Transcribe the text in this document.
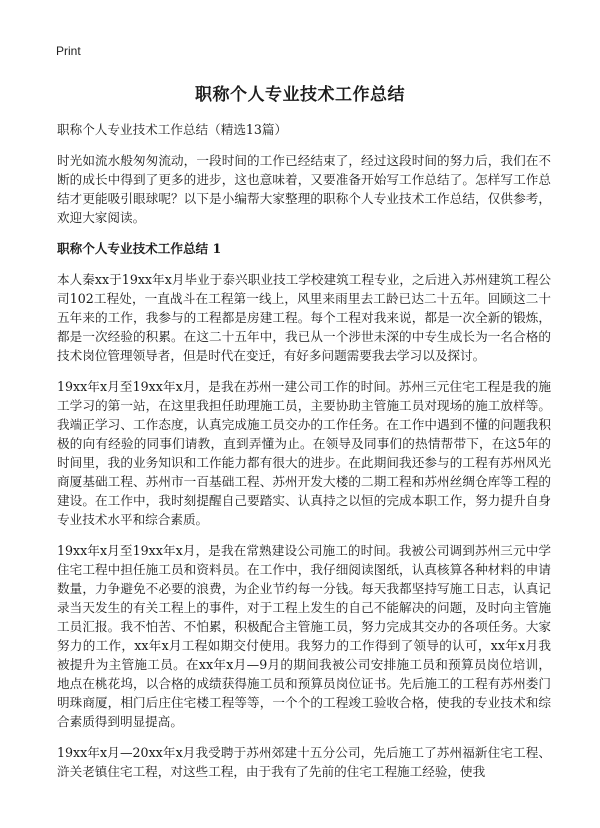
Print
职称个人专业技术工作总结

职称个人专业技术工作总结（精选13篇）

时光如流水般匆匆流动，一段时间的工作已经结束了，经过这段时间的努力后，我们在不断的成长中得到了更多的进步，这也意味着，又要准备开始写工作总结了。怎样写工作总结才更能吸引眼球呢？以下是小编帮大家整理的职称个人专业技术工作总结，仅供参考，欢迎大家阅读。

职称个人专业技术工作总结 1

本人秦xx于19xx年x月毕业于泰兴职业技工学校建筑工程专业，之后进入苏州建筑工程公司102工程处，一直战斗在工程第一线上，风里来雨里去工龄已达二十五年。回顾这二十五年来的工作，我参与的工程都是房建工程。每个工程对我来说，都是一次全新的锻炼，都是一次经验的积累。在这二十五年中，我已从一个涉世未深的中专生成长为一名合格的技术岗位管理领导者，但是时代在变迁，有好多问题需要我去学习以及探讨。

19xx年x月至19xx年x月，是我在苏州一建公司工作的时间。苏州三元住宅工程是我的施工学习的第一站，在这里我担任助理施工员，主要协助主管施工员对现场的施工放样等。我端正学习、工作态度，认真完成施工员交办的工作任务。在工作中遇到不懂的问题我积极的向有经验的同事们请教，直到弄懂为止。在领导及同事们的热情帮带下，在这5年的时间里，我的业务知识和工作能力都有很大的进步。在此期间我还参与的工程有苏州风光商厦基础工程、苏州市一百基础工程、苏州开发大楼的二期工程和苏州丝绸仓库等工程的建设。在工作中，我时刻提醒自己要踏实、认真持之以恒的完成本职工作，努力提升自身专业技术水平和综合素质。

19xx年x月至19xx年x月，是我在常熟建设公司施工的时间。我被公司调到苏州三元中学住宅工程中担任施工员和资料员。在工作中，我仔细阅读图纸，认真核算各种材料的申请数量，力争避免不必要的浪费，为企业节约每一分钱。每天我都坚持写施工日志，认真记录当天发生的有关工程上的事件，对于工程上发生的自己不能解决的问题，及时向主管施工员汇报。我不怕苦、不怕累，积极配合主管施工员，努力完成其交办的各项任务。大家努力的工作，xx年x月工程如期交付使用。我努力的工作得到了领导的认可，xx年x月我被提升为主管施工员。在xx年x月—9月的期间我被公司安排施工员和预算员岗位培训，地点在桃花坞，以合格的成绩获得施工员和预算员岗位证书。先后施工的工程有苏州娄门明珠商厦，相门后庄住宅楼工程等等，一个个的工程竣工验收合格，使我的专业技术和综合素质得到明显提高。

19xx年x月—20xx年x月我受聘于苏州郊建十五分公司，先后施工了苏州福新住宅工程、浒关老镇住宅工程，对这些工程，由于我有了先前的住宅工程施工经验，使我
